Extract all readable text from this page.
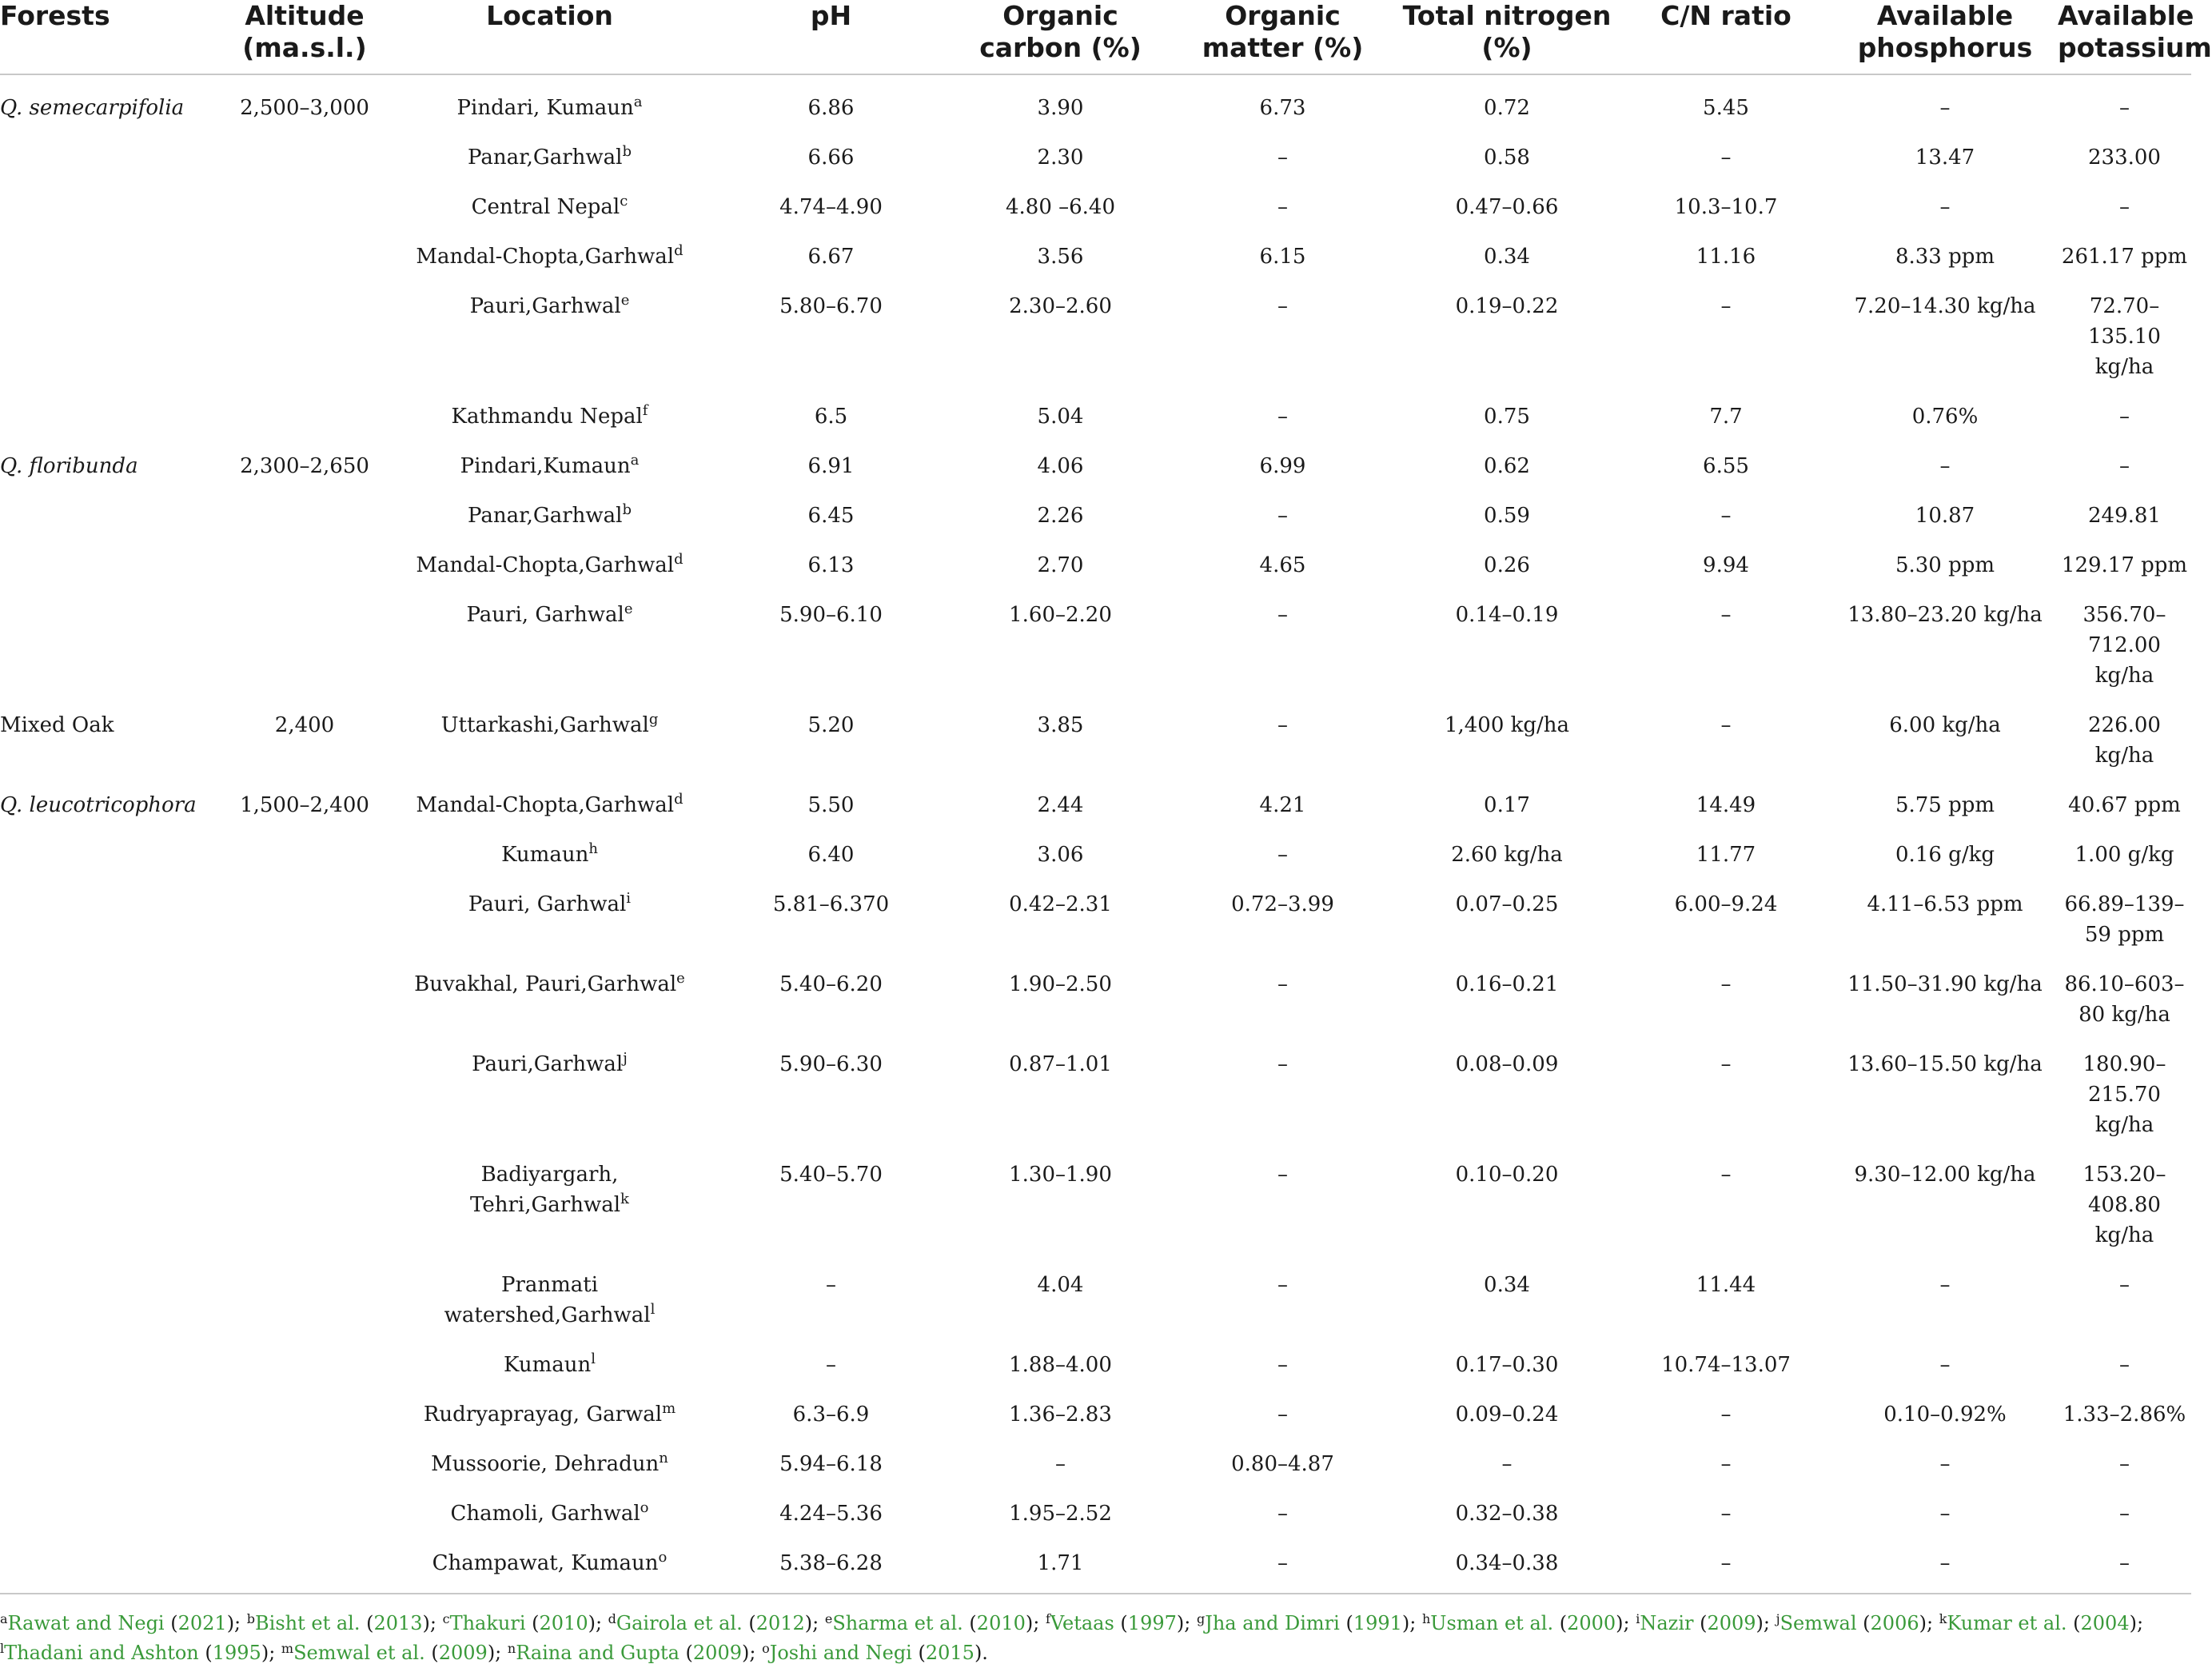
Forests	Altitude (ma.s.l.)	Location	pH	Organic carbon (%)	Organic matter (%)	Total nitrogen (%)	C/N ratio	Available phosphorus	Available potassium
Q. semecarpifolia	2,500–3,000	Pindari, Kumaun$^a$	6.86	3.90	6.73	0.72	5.45	–	–
		Panar,Garhwal$^b$	6.66	2.30	–	0.58	–	13.47	233.00
		Central Nepal$^c$	4.74–4.90	4.80 –6.40	–	0.47–0.66	10.3–10.7	–	–
		Mandal-Chopta,Garhwal$^d$	6.67	3.56	6.15	0.34	11.16	8.33 ppm	261.17 ppm
		Pauri,Garhwal$^e$	5.80–6.70	2.30–2.60	–	0.19–0.22	–	7.20–14.30 kg/ha	72.70–135.10 kg/ha
		Kathmandu Nepal$^f$	6.5	5.04	–	0.75	7.7	0.76%	–
Q. floribunda	2,300–2,650	Pindari,Kumaun$^a$	6.91	4.06	6.99	0.62	6.55	–	–
		Panar,Garhwal$^b$	6.45	2.26	–	0.59	–	10.87	249.81
		Mandal-Chopta,Garhwal$^d$	6.13	2.70	4.65	0.26	9.94	5.30 ppm	129.17 ppm
		Pauri, Garhwal$^e$	5.90–6.10	1.60–2.20	–	0.14–0.19	–	13.80–23.20 kg/ha	356.70–712.00 kg/ha
Mixed Oak	2,400	Uttarkashi,Garhwal$^g$	5.20	3.85	–	1,400 kg/ha	–	6.00 kg/ha	226.00 kg/ha
Q. leucotricophora	1,500–2,400	Mandal-Chopta,Garhwal$^d$	5.50	2.44	4.21	0.17	14.49	5.75 ppm	40.67 ppm
		Kumaun$^h$	6.40	3.06	–	2.60 kg/ha	11.77	0.16 g/kg	1.00 g/kg
		Pauri, Garhwal$^i$	5.81–6.370	0.42–2.31	0.72–3.99	0.07–0.25	6.00–9.24	4.11–6.53 ppm	66.89–139–59 ppm
		Buvakhal, Pauri,Garhwal$^e$	5.40–6.20	1.90–2.50	–	0.16–0.21	–	11.50–31.90 kg/ha	86.10–603–80 kg/ha
		Pauri,Garhwal$^j$	5.90–6.30	0.87–1.01	–	0.08–0.09	–	13.60–15.50 kg/ha	180.90–215.70 kg/ha
		Badiyargarh, Tehri,Garhwal$^k$	5.40–5.70	1.30–1.90	–	0.10–0.20	–	9.30–12.00 kg/ha	153.20–408.80 kg/ha
		Pranmati watershed,Garhwal$^l$	–	4.04	–	0.34	11.44	–	–
		Kumaun$^l$	–	1.88–4.00	–	0.17–0.30	10.74–13.07	–	–
		Rudryaprayag, Garwal$^m$	6.3–6.9	1.36–2.83	–	0.09–0.24	–	0.10–0.92%	1.33–2.86%
		Mussoorie, Dehradun$^n$	5.94–6.18	–	0.80–4.87	–	–	–	–
		Chamoli, Garhwal$^o$	4.24–5.36	1.95–2.52	–	0.32–0.38	–	–	–
		Champawat, Kumaun$^o$	5.38–6.28	1.71	–	0.34–0.38	–	–	–
$^a$Rawat and Negi (2021); $^b$Bisht et al. (2013); $^c$Thakuri (2010); $^d$Gairola et al. (2012); $^e$Sharma et al. (2010); $^f$Vetaas (1997); $^g$Jha and Dimri (1991); $^h$Usman et al. (2000); $^i$Nazir (2009); $^j$Semwal (2006); $^k$Kumar et al. (2004); $^l$Thadani and Ashton (1995); $^m$Semwal et al. (2009); $^n$Raina and Gupta (2009); $^o$Joshi and Negi (2015).
